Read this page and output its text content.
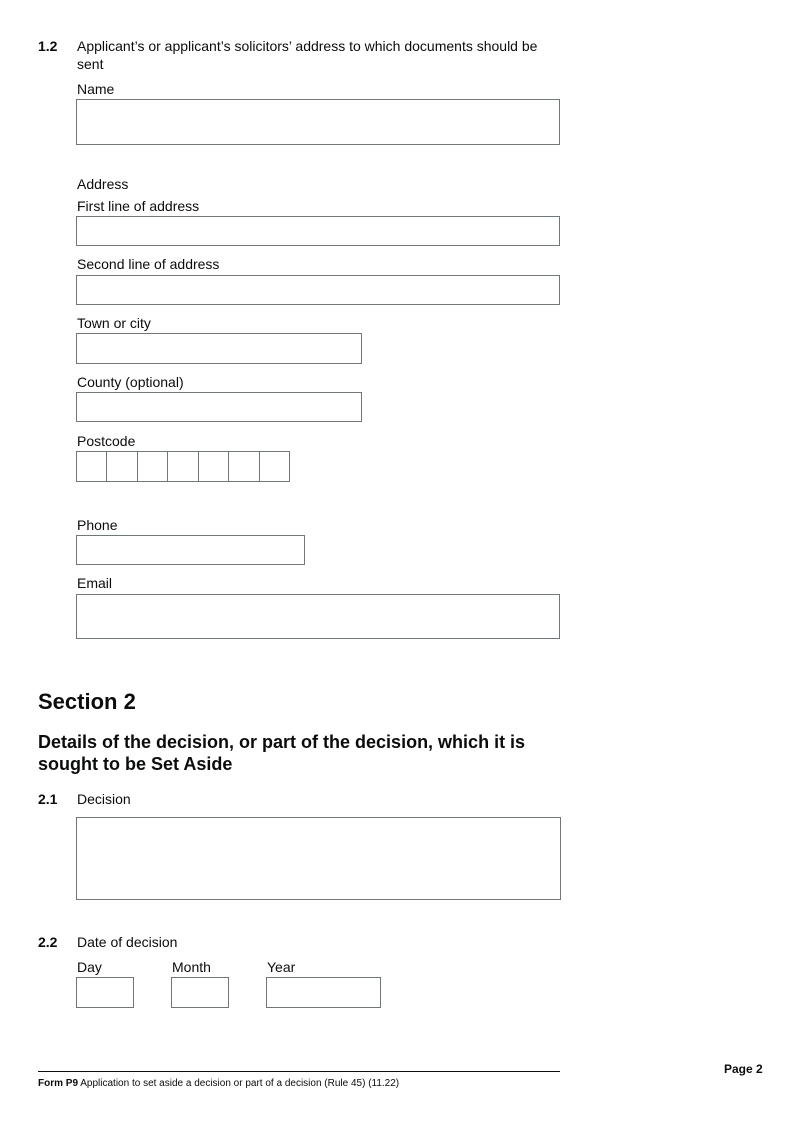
1.2 Applicant’s or applicant’s solicitors’ address to which documents should be sent
Name
Address
First line of address
Second line of address
Town or city
County (optional)
Postcode
Phone
Email
Section 2
Details of the decision, or part of the decision, which it is sought to be Set Aside
2.1 Decision
2.2 Date of decision
Day	Month	Year
Page 2
Form P9 Application to set aside a decision or part of a decision (Rule 45) (11.22)
